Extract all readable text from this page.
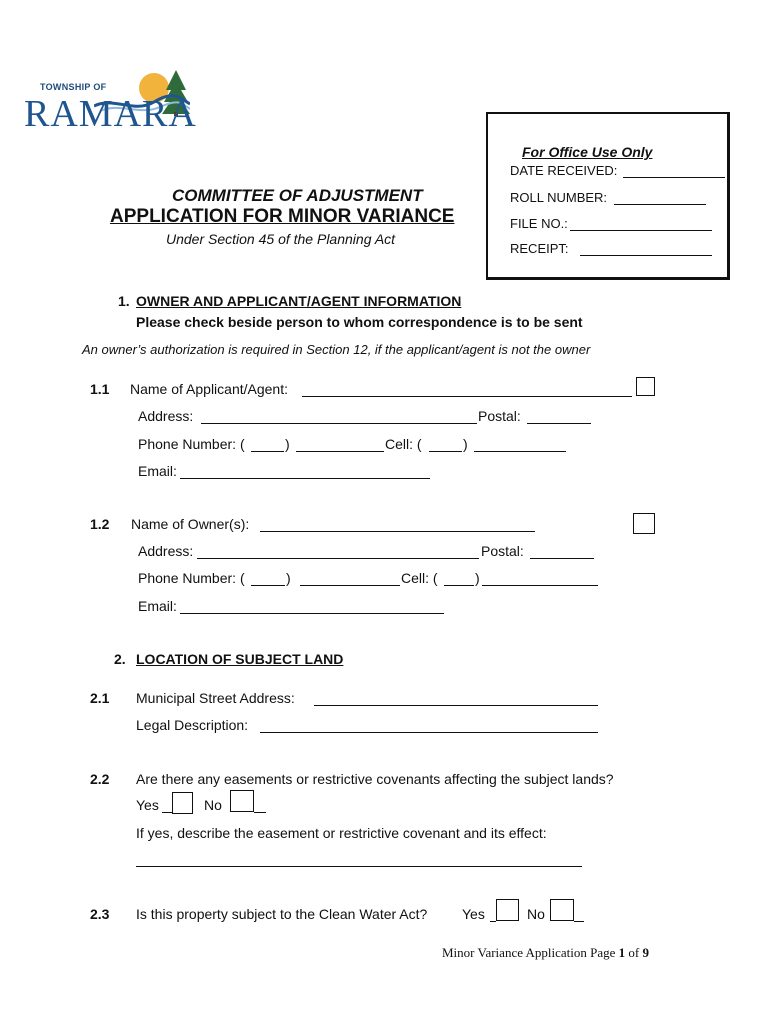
TOWNSHIP OF
RAMARA
For Office Use Only
DATE RECEIVED:
ROLL NUMBER:
FILE NO.:
RECEIPT:
COMMITTEE OF ADJUSTMENT
APPLICATION FOR MINOR VARIANCE
Under Section 45 of the Planning Act
1. OWNER AND APPLICANT/AGENT INFORMATION
Please check beside person to whom correspondence is to be sent
An owner’s authorization is required in Section 12, if the applicant/agent is not the owner
1.1 Name of Applicant/Agent:
Address:	Postal:
Phone Number: (	)	Cell: (	)
Email:
1.2 Name of Owner(s):
Address:	Postal:
Phone Number: (	)	Cell: (	)
Email:
2. LOCATION OF SUBJECT LAND
2.1 Municipal Street Address:
Legal Description:
2.2 Are there any easements or restrictive covenants affecting the subject lands?
Yes	No
If yes, describe the easement or restrictive covenant and its effect:
2.3 Is this property subject to the Clean Water Act? Yes	No
Minor Variance Application Page 1 of 9
